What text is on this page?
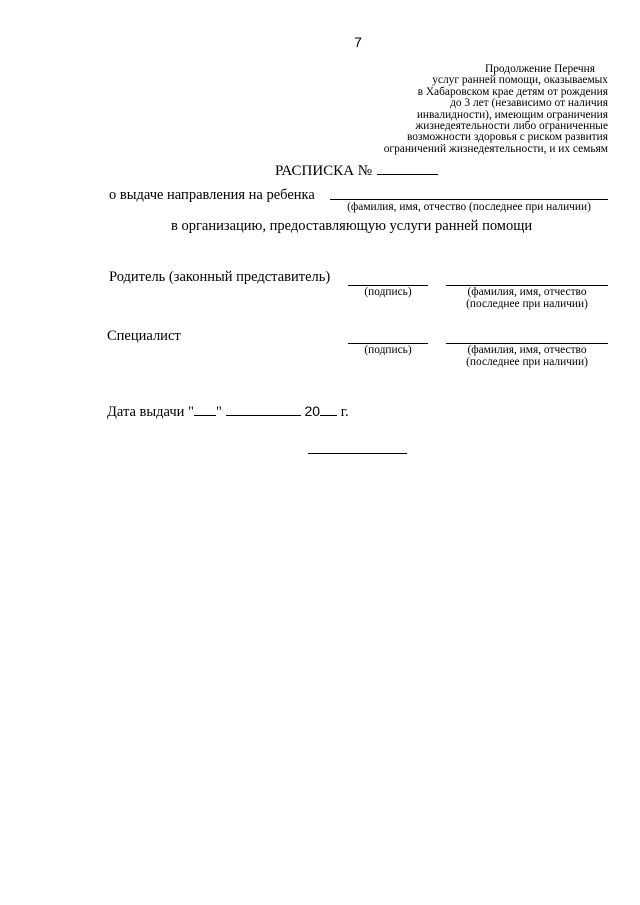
7
Продолжение Перечня
услуг ранней помощи, оказываемых
в Хабаровском крае детям от рождения
до 3 лет (независимо от наличия
инвалидности), имеющим ограничения
жизнедеятельности либо ограниченные
возможности здоровья с риском развития
ограничений жизнедеятельности, и их семьям
РАСПИСКА №
о выдаче направления на ребенка
(фамилия, имя, отчество (последнее при наличии)
в организацию, предоставляющую услуги ранней помощи
Родитель (законный представитель)
(подпись)	(фамилия, имя, отчество
(последнее при наличии)
Специалист
(подпись)	(фамилия, имя, отчество
(последнее при наличии)
Дата выдачи " "	20 г.
